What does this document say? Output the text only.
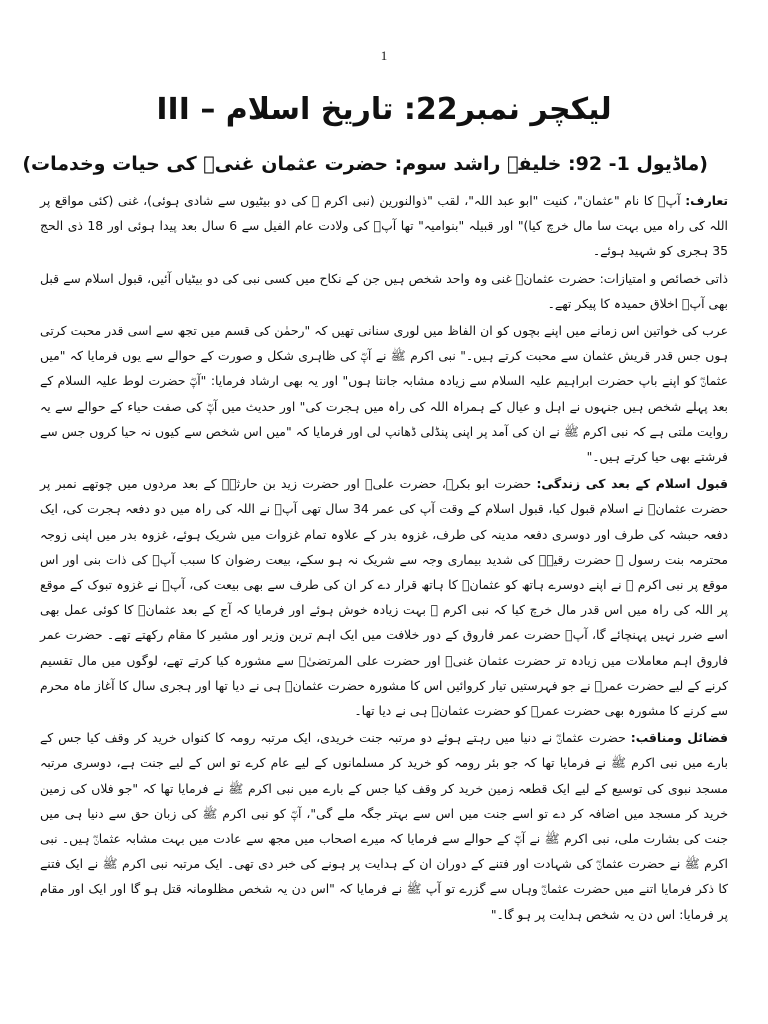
1
لیکچر نمبر22: تاریخ اسلام – III
(ماڈیول 1- 92: خلیفۂ راشد سوم: حضرت عثمان غنیؓ کی حیات وخدمات)

تعارف: آپؓ کا نام "عثمان"، کنیت "ابو عبد اللہ"، لقب "ذوالنورین (نبی اکرم ﷺ کی دو بیٹیوں سے شادی ہوئی)، غنی (کئی مواقع پر اللہ کی راہ میں بہت سا مال خرچ کیا)" اور قبیلہ "بنوامیہ" تھا آپؓ کی ولادت عام الفیل سے 6 سال بعد پیدا ہوئی اور 18 ذی الحج 35 ہجری کو شہید ہوئے۔

ذاتی خصائص و امتیازات: حضرت عثمانؓ غنی وہ واحد شخص ہیں جن کے نکاح میں کسی نبی کی دو بیٹیاں آئیں، قبول اسلام سے قبل بھی آپؓ اخلاق حمیدہ کا پیکر تھے۔

عرب کی خواتین اس زمانے میں اپنے بچوں کو ان الفاظ میں لوری سنانی تھیں کہ "رحمٰن کی قسم میں تجھ سے اسی قدر محبت کرتی ہوں جس قدر قریش عثمان سے محبت کرتے ہیں۔" نبی اکرم ﷺ نے آپؓ کی ظاہری شکل و صورت کے حوالے سے یوں فرمایا کہ "میں عثمانؓ کو اپنے باپ حضرت ابراہیم علیہ السلام سے زیادہ مشابہ جانتا ہوں" اور یہ بھی ارشاد فرمایا: "آپؓ حضرت لوط علیہ السلام کے بعد پہلے شخص ہیں جنہوں نے اہل و عیال کے ہمراہ اللہ کی راہ میں ہجرت کی" اور حدیث میں آپؓ کی صفت حیاء کے حوالے سے یہ روایت ملتی ہے کہ نبی اکرم ﷺ نے ان کی آمد پر اپنی پنڈلی ڈھانپ لی اور فرمایا کہ "میں اس شخص سے کیوں نہ حیا کروں جس سے فرشتے بھی حیا کرتے ہیں۔"

قبول اسلام کے بعد کی زندگی: حضرت ابو بکرؓ، حضرت علیؓ اور حضرت زید بن حارثہؓ کے بعد مردوں میں چوتھے نمبر پر حضرت عثمانؓ نے اسلام قبول کیا، قبول اسلام کے وقت آپ کی عمر 34 سال تھی آپؓ نے اللہ کی راہ میں دو دفعہ ہجرت کی، ایک دفعہ حبشہ کی طرف اور دوسری دفعہ مدینہ کی طرف، غزوہ بدر کے علاوہ تمام غزوات میں شریک ہوئے، غزوہ بدر میں اپنی زوجہ محترمہ بنت رسول ﷺ حضرت رقیہؓ کی شدید بیماری وجہ سے شریک نہ ہو سکے، بیعت رضوان کا سبب آپؓ کی ذات بنی اور اس موقع پر نبی اکرم ﷺ نے اپنے دوسرے ہاتھ کو عثمانؓ کا ہاتھ قرار دے کر ان کی طرف سے بھی بیعت کی، آپؓ نے غزوہ تبوک کے موقع پر اللہ کی راہ میں اس قدر مال خرچ کیا کہ نبی اکرم ﷺ بہت زیادہ خوش ہوئے اور فرمایا کہ آج کے بعد عثمانؓ کا کوئی عمل بھی اسے ضرر نہیں پہنچائے گا، آپؓ حضرت عمر فاروق کے دور خلافت میں ایک اہم ترین وزیر اور مشیر کا مقام رکھتے تھے۔ حضرت عمر فاروق اہم معاملات میں زیادہ تر حضرت عثمان غنیؓ اور حضرت علی المرتضیٰؓ سے مشورہ کیا کرتے تھے، لوگوں میں مال تقسیم کرنے کے لیے حضرت عمرؓ نے جو فہرستیں تیار کروائیں اس کا مشورہ حضرت عثمانؓ ہی نے دیا تھا اور ہجری سال کا آغاز ماہ محرم سے کرنے کا مشورہ بھی حضرت عمرؓ کو حضرت عثمانؓ ہی نے دیا تھا۔

فضائل ومناقب: حضرت عثمانؓ نے دنیا میں رہتے ہوئے دو مرتبہ جنت خریدی، ایک مرتبہ رومہ کا کنواں خرید کر وقف کیا جس کے بارے میں نبی اکرم ﷺ نے فرمایا تھا کہ جو بئر رومہ کو خرید کر مسلمانوں کے لیے عام کرے تو اس کے لیے جنت ہے، دوسری مرتبہ مسجد نبوی کی توسیع کے لیے ایک قطعہ زمین خرید کر وقف کیا جس کے بارے میں نبی اکرم ﷺ نے فرمایا تھا کہ "جو فلاں کی زمین خرید کر مسجد میں اضافہ کر دے تو اسے جنت میں اس سے بہتر جگہ ملے گی"، آپؓ کو نبی اکرم ﷺ کی زبان حق سے دنیا ہی میں جنت کی بشارت ملی، نبی اکرم ﷺ نے آپؓ کے حوالے سے فرمایا کہ میرے اصحاب میں مجھ سے عادت میں بہت مشابہ عثمانؓ ہیں۔ نبی اکرم ﷺ نے حضرت عثمانؓ کی شہادت اور فتنے کے دوران ان کے ہدایت پر ہونے کی خبر دی تھی۔ ایک مرتبہ نبی اکرم ﷺ نے ایک فتنے کا ذکر فرمایا اتنے میں حضرت عثمانؓ وہاں سے گزرے تو آپ ﷺ نے فرمایا کہ "اس دن یہ شخص مظلومانہ قتل ہو گا اور ایک اور مقام پر فرمایا: اس دن یہ شخص ہدایت پر ہو گا۔"
